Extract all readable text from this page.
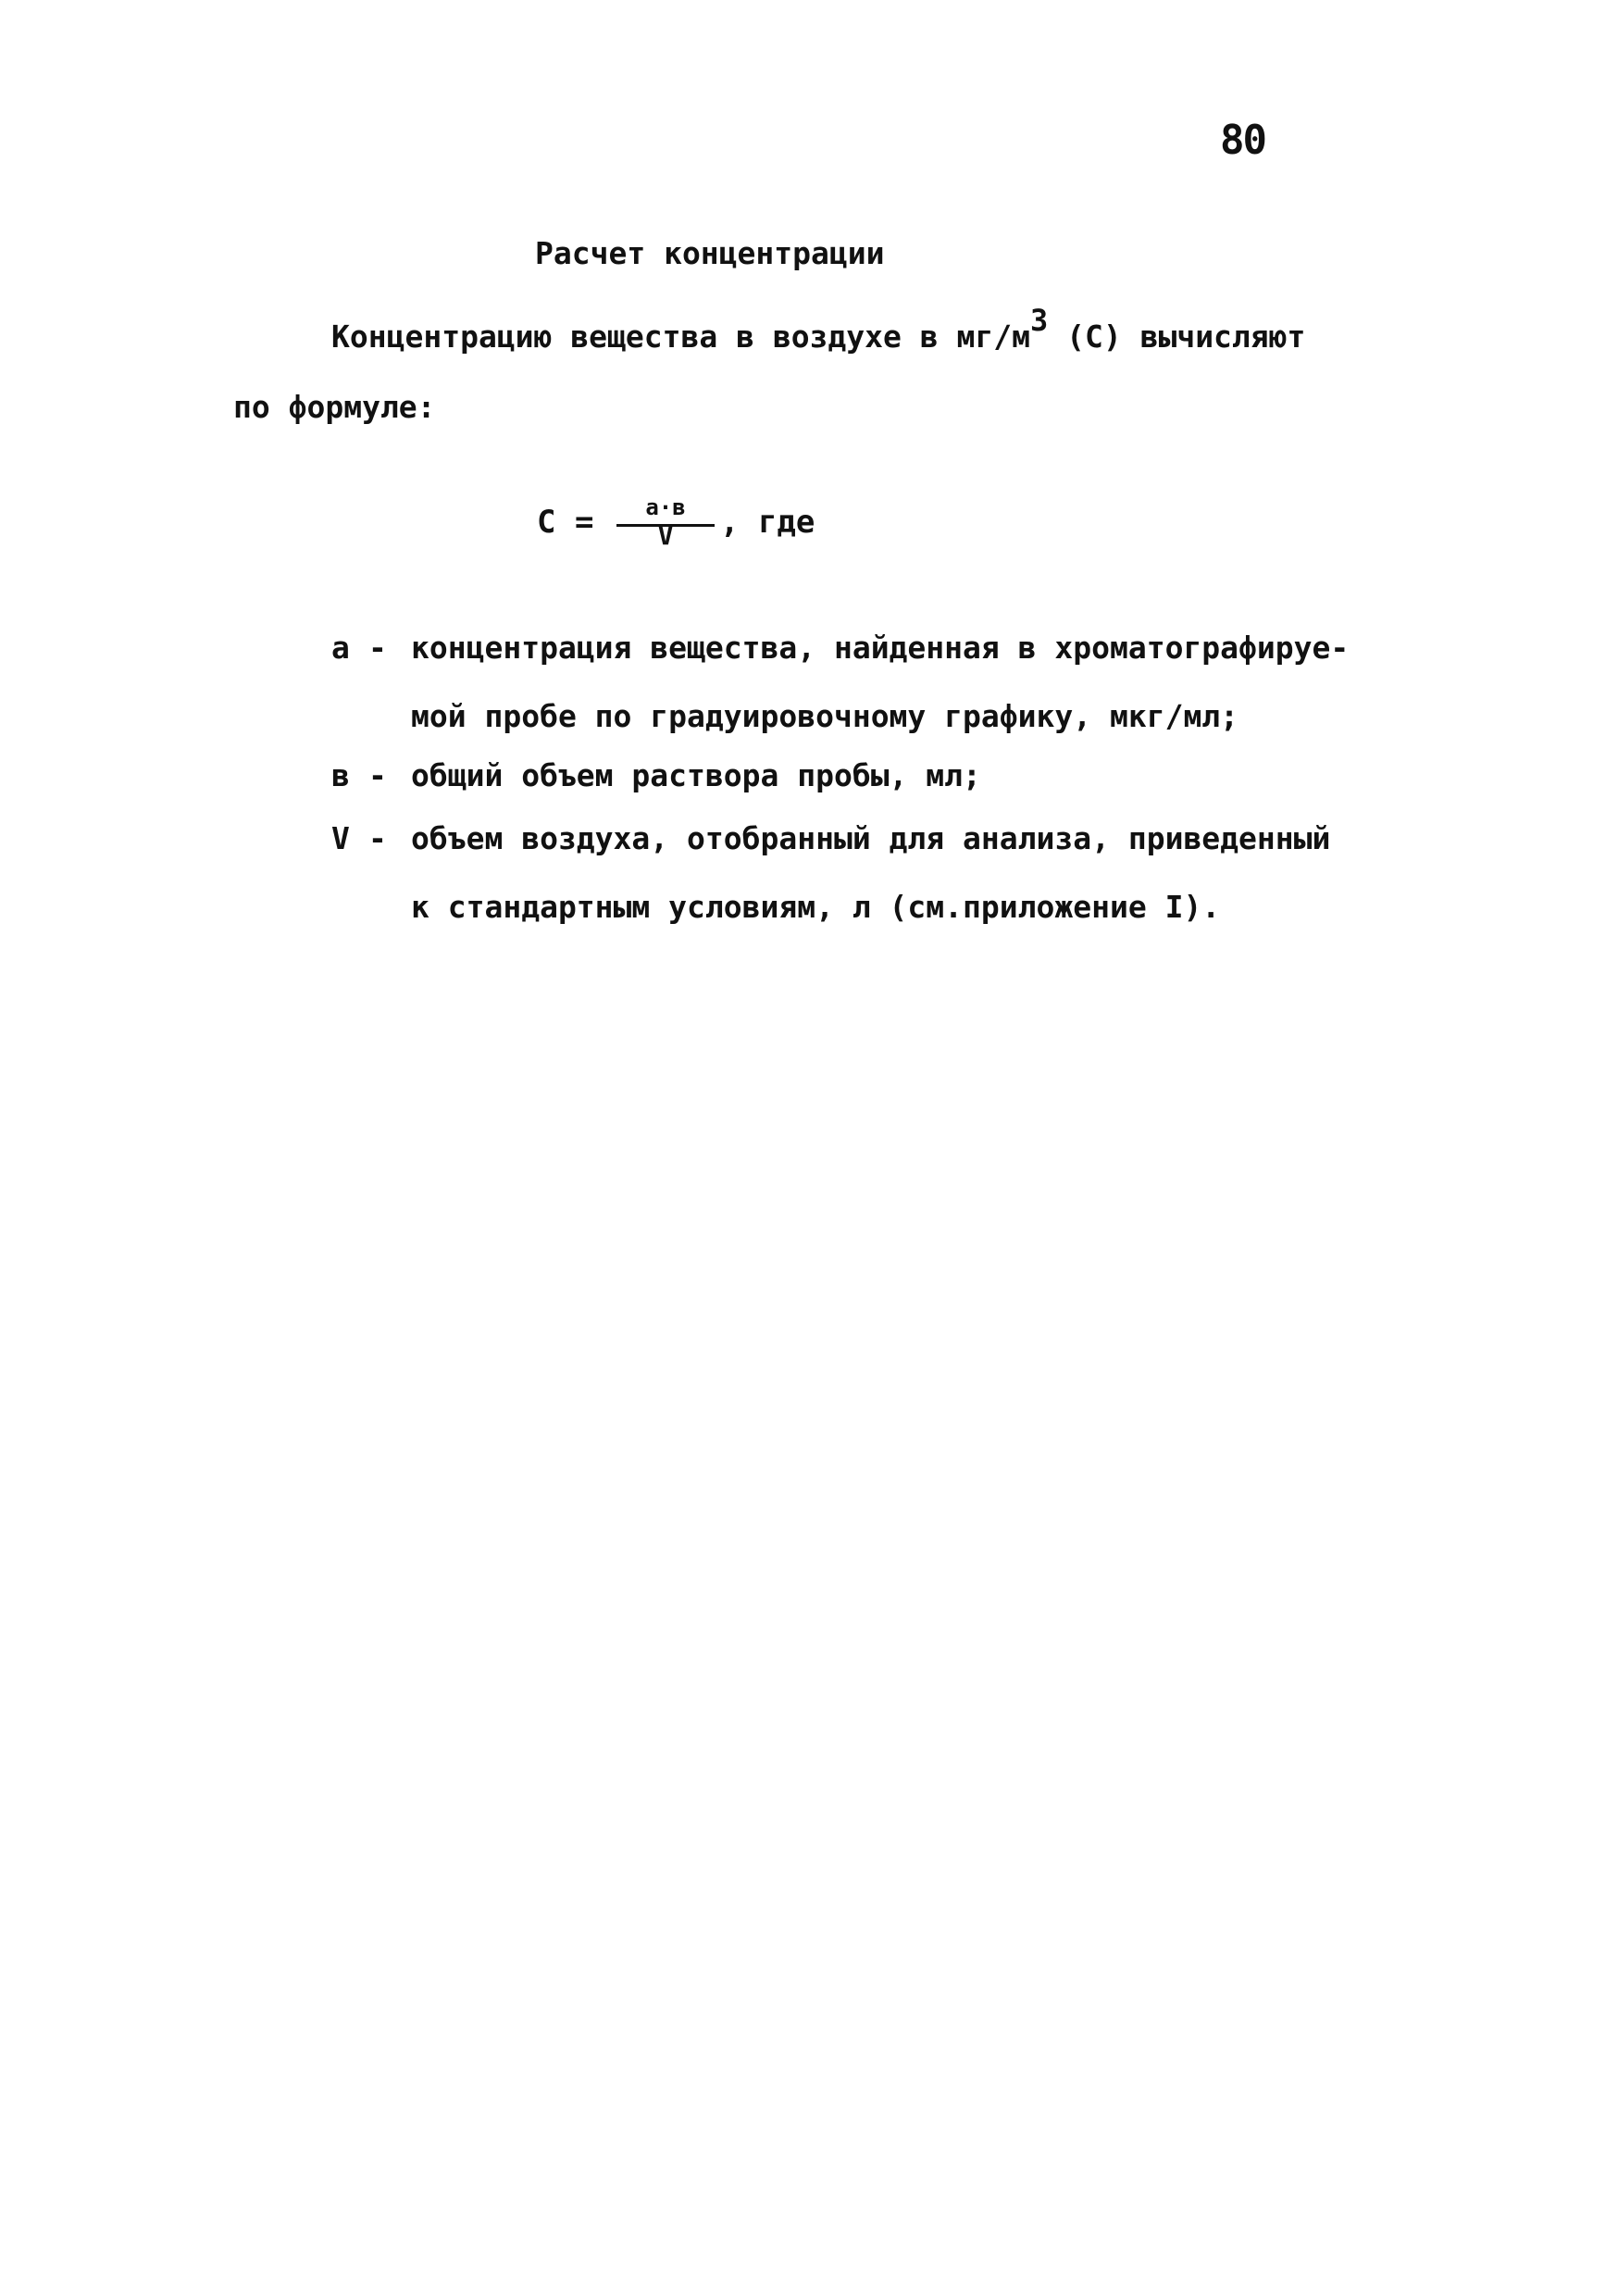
80
Расчет концентрации
Концентрацию вещества в воздухе в $мг/м^3$ (С) вычисляют
по формуле:
С =	а·в
V	, где
а - концентрация вещества, найденная в хроматографируе-
мой пробе по градуировочному графику, мкг/мл;
в - общий объем раствора пробы, мл;
V - объем воздуха, отобранный для анализа, приведенный
к стандартным условиям, л (см.приложение I).
